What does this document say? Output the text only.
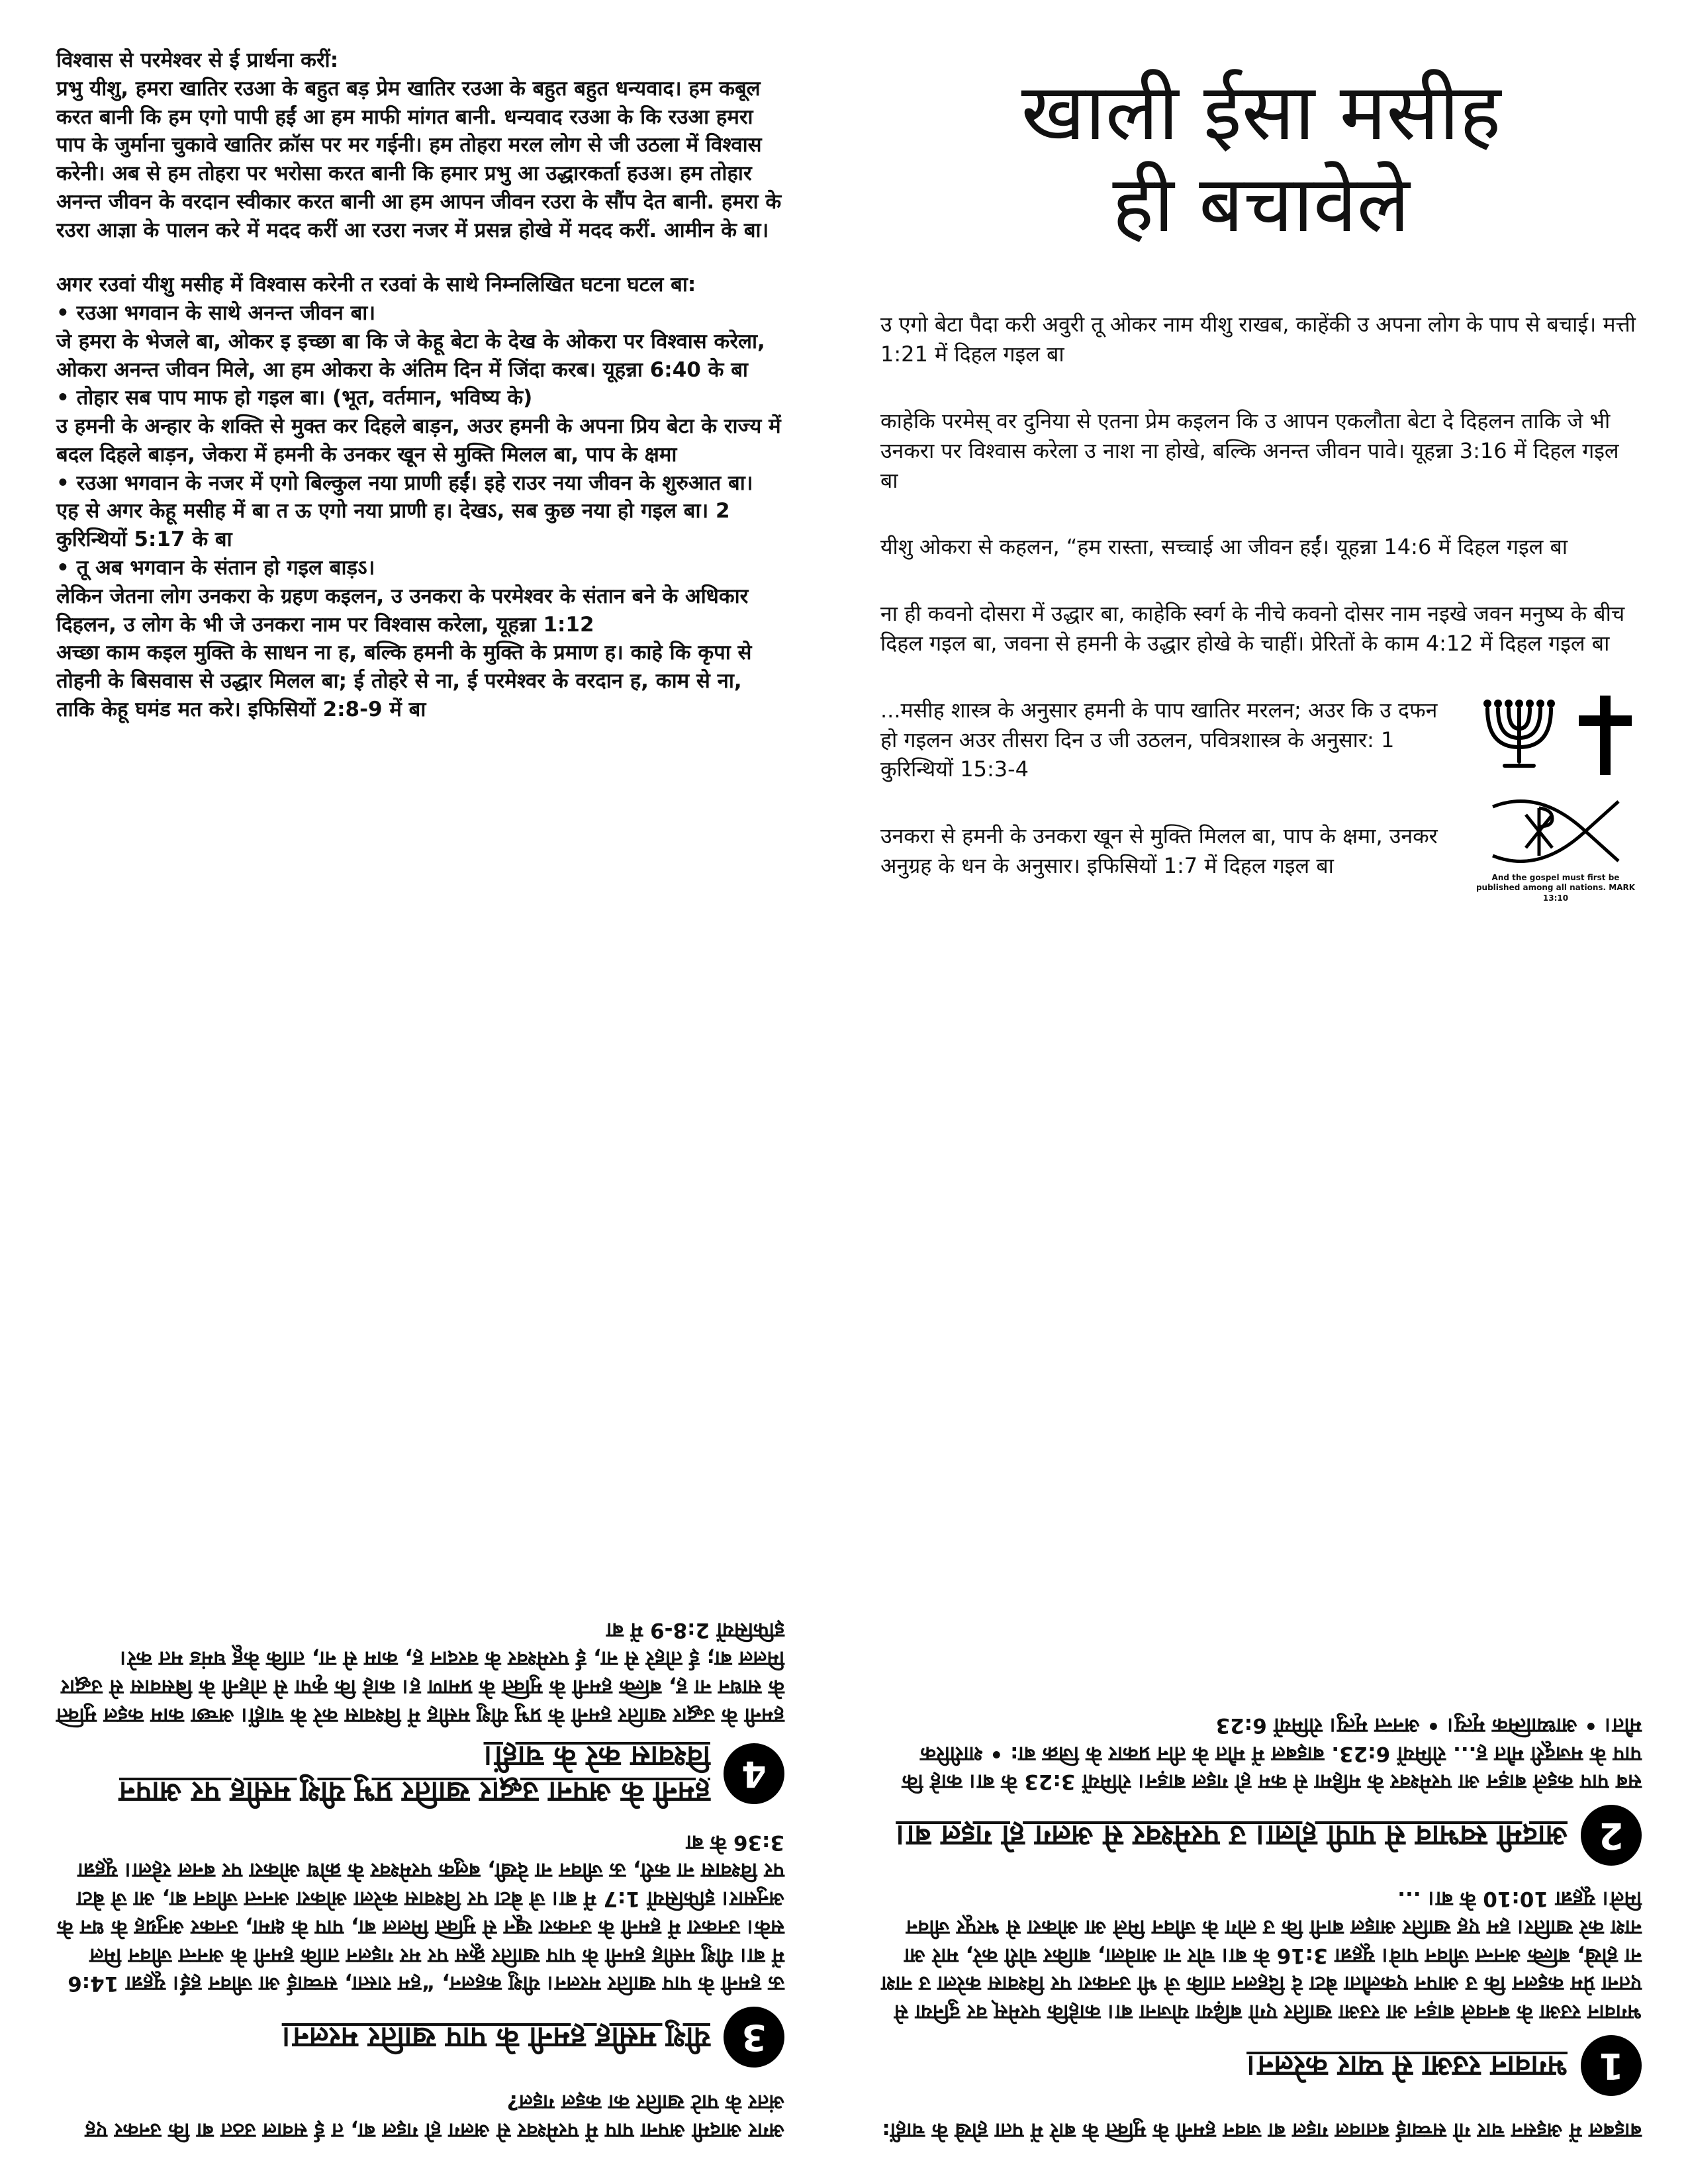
विश्वास से परमेश्वर से ई प्रार्थना करीं:

प्रभु यीशु, हमरा खातिर रउआ के बहुत बड़ प्रेम खातिर रउआ के बहुत बहुत धन्यवाद। हम कबूल करत बानी कि हम एगो पापी हईं आ हम माफी मांगत बानी. धन्यवाद रउआ के कि रउआ हमरा पाप के जुर्माना चुकावे खातिर क्रॉस पर मर गईनी। हम तोहरा मरल लोग से जी उठला में विश्वास करेनी। अब से हम तोहरा पर भरोसा करत बानी कि हमार प्रभु आ उद्धारकर्ता हउअ। हम तोहार अनन्त जीवन के वरदान स्वीकार करत बानी आ हम आपन जीवन रउरा के सौंप देत बानी. हमरा के रउरा आज्ञा के पालन करे में मदद करीं आ रउरा नजर में प्रसन्न होखे में मदद करीं. आमीन के बा।

अगर रउवां यीशु मसीह में विश्वास करेनी त रउवां के साथे निम्नलिखित घटना घटल बा:

• रउआ भगवान के साथे अनन्त जीवन बा।

जे हमरा के भेजले बा, ओकर इ इच्छा बा कि जे केहू बेटा के देख के ओकरा पर विश्वास करेला, ओकरा अनन्त जीवन मिले, आ हम ओकरा के अंतिम दिन में जिंदा करब। यूहन्ना 6:40 के बा

• तोहार सब पाप माफ हो गइल बा। (भूत, वर्तमान, भविष्य के)

उ हमनी के अन्हार के शक्ति से मुक्त कर दिहले बाड़न, अउर हमनी के अपना प्रिय बेटा के राज्य में बदल दिहले बाड़न, जेकरा में हमनी के उनकर खून से मुक्ति मिलल बा, पाप के क्षमा

• रउआ भगवान के नजर में एगो बिल्कुल नया प्राणी हईं। इहे राउर नया जीवन के शुरुआत बा।

एह से अगर केहू मसीह में बा त ऊ एगो नया प्राणी ह। देखऽ, सब कुछ नया हो गइल बा। 2 कुरिन्थियों 5:17 के बा

• तू अब भगवान के संतान हो गइल बाड़ऽ।

लेकिन जेतना लोग उनकरा के ग्रहण कइलन, उ उनकरा के परमेश्वर के संतान बने के अधिकार दिहलन, उ लोग के भी जे उनकरा नाम पर विश्वास करेला, यूहन्ना 1:12

अच्छा काम कइल मुक्ति के साधन ना ह, बल्कि हमनी के मुक्ति के प्रमाण ह। काहे कि कृपा से तोहनी के बिसवास से उद्धार मिलल बा; ई तोहरे से ना, ई परमेश्वर के वरदान ह, काम से ना, ताकि केहू घमंड मत करे। इफिसियों 2:8-9 में बा

खाली ईसा मसीह
ही बचावेले

उ एगो बेटा पैदा करी अवुरी तू ओकर नाम यीशु राखब, काहेंकी उ अपना लोग के पाप से बचाई। मत्ती 1:21 में दिहल गइल बा

काहेकि परमेस् वर दुनिया से एतना प्रेम कइलन कि उ आपन एकलौता बेटा दे दिहलन ताकि जे भी उनकरा पर विश्वास करेला उ नाश ना होखे, बल्कि अनन्त जीवन पावे। यूहन्ना 3:16 में दिहल गइल बा

यीशु ओकरा से कहलन, “हम रास्ता, सच्चाई आ जीवन हईं। यूहन्ना 14:6 में दिहल गइल बा

ना ही कवनो दोसरा में उद्धार बा, काहेकि स्वर्ग के नीचे कवनो दोसर नाम नइखे जवन मनुष्य के बीच दिहल गइल बा, जवना से हमनी के उद्धार होखे के चाहीं। प्रेरितों के काम 4:12 में दिहल गइल बा

...मसीह शास्त्र के अनुसार हमनी के पाप खातिर मरलन; अउर कि उ दफन हो गइलन अउर तीसरा दिन उ जी उठलन, पवित्रशास्त्र के अनुसार: 1 कुरिन्थियों 15:3-4

उनकरा से हमनी के उनकरा खून से मुक्ति मिलल बा, पाप के क्षमा, उनकर अनुग्रह के धन के अनुसार। इफिसियों 1:7 में दिहल गइल बा	And the gospel must first be published among all nations. MARK 13:10
अगर आदमी अपना पाप में परमेश्वर से अलग हो गइल बा, त ई सवाल उठत बा कि उनकर एह अंतर के पाटे खातिर का कइल गइल?
3
यीशु मसीह हमनी के पाप खातिर मरलन।

ऊ हमनी के पाप खातिर मरलन। यीशु कहलन, “हम रास्ता, सच्चाई आ जीवन हईं। यूहन्ना 14:6 में बा। यीशु मसीह हमनी के पाप खातिर क्रूस पर मर गइलन ताकि हमनी के अनन्त जीवन मिल सके। उनकरा में हमनी के उनकरा खून से मुक्ति मिलल बा, पाप के क्षमा, उनकर अनुग्रह के धन के अनुसार। इफिसियों 1:7 में बा। जे बेटा पर विश्वास करेला ओकरा अनन्त जीवन बा, आ जे बेटा पर विश्वास ना करी, ऊ जीवन ना देखी, बलुक परमेश्वर के क्रोध ओकरा पर बनल रहेला। यूहन्ना 3:36 के बा

4
हमनी के अपना उद्धार खातिर प्रभु यीशु मसीह पर आपन विश्वास करे के चाहीं।

हमनी के उद्धार खातिर हमनी के प्रभु यीशु मसीह में विश्वास करे के चाहीं। अच्छा काम कइल मुक्ति के साधन ना ह, बल्कि हमनी के मुक्ति के प्रमाण ह। काहे कि कृपा से तोहनी के बिसवास से उद्धार मिलल बा; ई तोहरे से ना, ई परमेश्वर के वरदान ह, काम से ना, ताकि केहू घमंड मत करे। इफिसियों 2:8-9 में बा

बाइबल में अइसन चार गो सच्चाई बतावल गइल बा जवन हमनी के मुक्ति के बारे में पता होखे के चाहीं:
1
भगवान रउआ से प्यार करेलन।

भगवान रउआ के बनवले बाड़न आ रउआ खातिर एगो बढ़िया योजना बा। काहेकि परमेस् वर दुनिया से एतना प्रेम कइलन कि उ आपन एकलौता बेटा दे दिहलन ताकि जे भी उनकरा पर विश्वास करेला उ नाश ना होखे, बल्कि अनन्त जीवन पावे। यूहन्ना 3:16 के बा। चोर ना आवेला, बाकिर चोरी करे, मारे आ नाश करे खातिर। हम एह खातिर आइल बानी कि उ लोग के जीवन मिले आ ओकरा से भरपूर जीवन मिले। यूहन्ना 10:10 के बा। ...

2
आदमी स्वभाव से पापी होला। उ परमेश्वर से अलग हो गइल बा।

सब पाप कइले बाड़न आ परमेश्वर के महिमा से कम हो गइल बाड़न। रोमियों 3:23 के बा। काहे कि पाप के मजदूरी मौत ह... रोमियों 6:23. बाइबल में मौत के तीन प्रकार के जिक्र बा: • शारीरिक मौत। • आध्यात्मिक मृत्यु। • अनन्त मृत्यु। रोमियों 6:23
